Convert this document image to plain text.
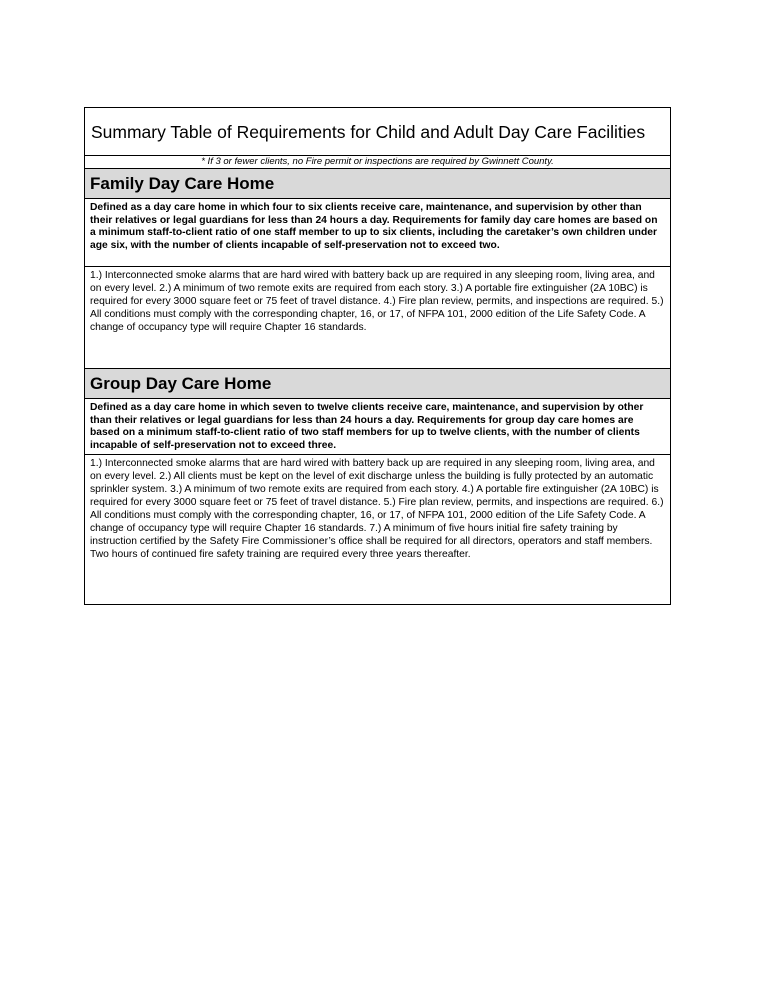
Summary Table of Requirements for Child and Adult Day Care Facilities
* If 3 or fewer clients, no Fire permit or inspections are required by Gwinnett County.
Family Day Care Home
Defined as a day care home in which four to six clients receive care, maintenance, and supervision by other than their relatives or legal guardians for less than 24 hours a day. Requirements for family day care homes are based on a minimum staff-to-client ratio of one staff member to up to six clients, including the caretaker’s own children under age six, with the number of clients incapable of self-preservation not to exceed two.
1.) Interconnected smoke alarms that are hard wired with battery back up are required in any sleeping room, living area, and on every level. 2.) A minimum of two remote exits are required from each story. 3.) A portable fire extinguisher (2A 10BC) is required for every 3000 square feet or 75 feet of travel distance. 4.) Fire plan review, permits, and inspections are required. 5.) All conditions must comply with the corresponding chapter, 16, or 17, of NFPA 101, 2000 edition of the Life Safety Code. A change of occupancy type will require Chapter 16 standards.
Group Day Care Home
Defined as a day care home in which seven to twelve clients receive care, maintenance, and supervision by other than their relatives or legal guardians for less than 24 hours a day. Requirements for group day care homes are based on a minimum staff-to-client ratio of two staff members for up to twelve clients, with the number of clients incapable of self-preservation not to exceed three.
1.) Interconnected smoke alarms that are hard wired with battery back up are required in any sleeping room, living area, and on every level. 2.) All clients must be kept on the level of exit discharge unless the building is fully protected by an automatic sprinkler system. 3.) A minimum of two remote exits are required from each story. 4.) A portable fire extinguisher (2A 10BC) is required for every 3000 square feet or 75 feet of travel distance. 5.) Fire plan review, permits, and inspections are required. 6.) All conditions must comply with the corresponding chapter, 16, or 17, of NFPA 101, 2000 edition of the Life Safety Code. A change of occupancy type will require Chapter 16 standards. 7.) A minimum of five hours initial fire safety training by instruction certified by the Safety Fire Commissioner’s office shall be required for all directors, operators and staff members. Two hours of continued fire safety training are required every three years thereafter.
